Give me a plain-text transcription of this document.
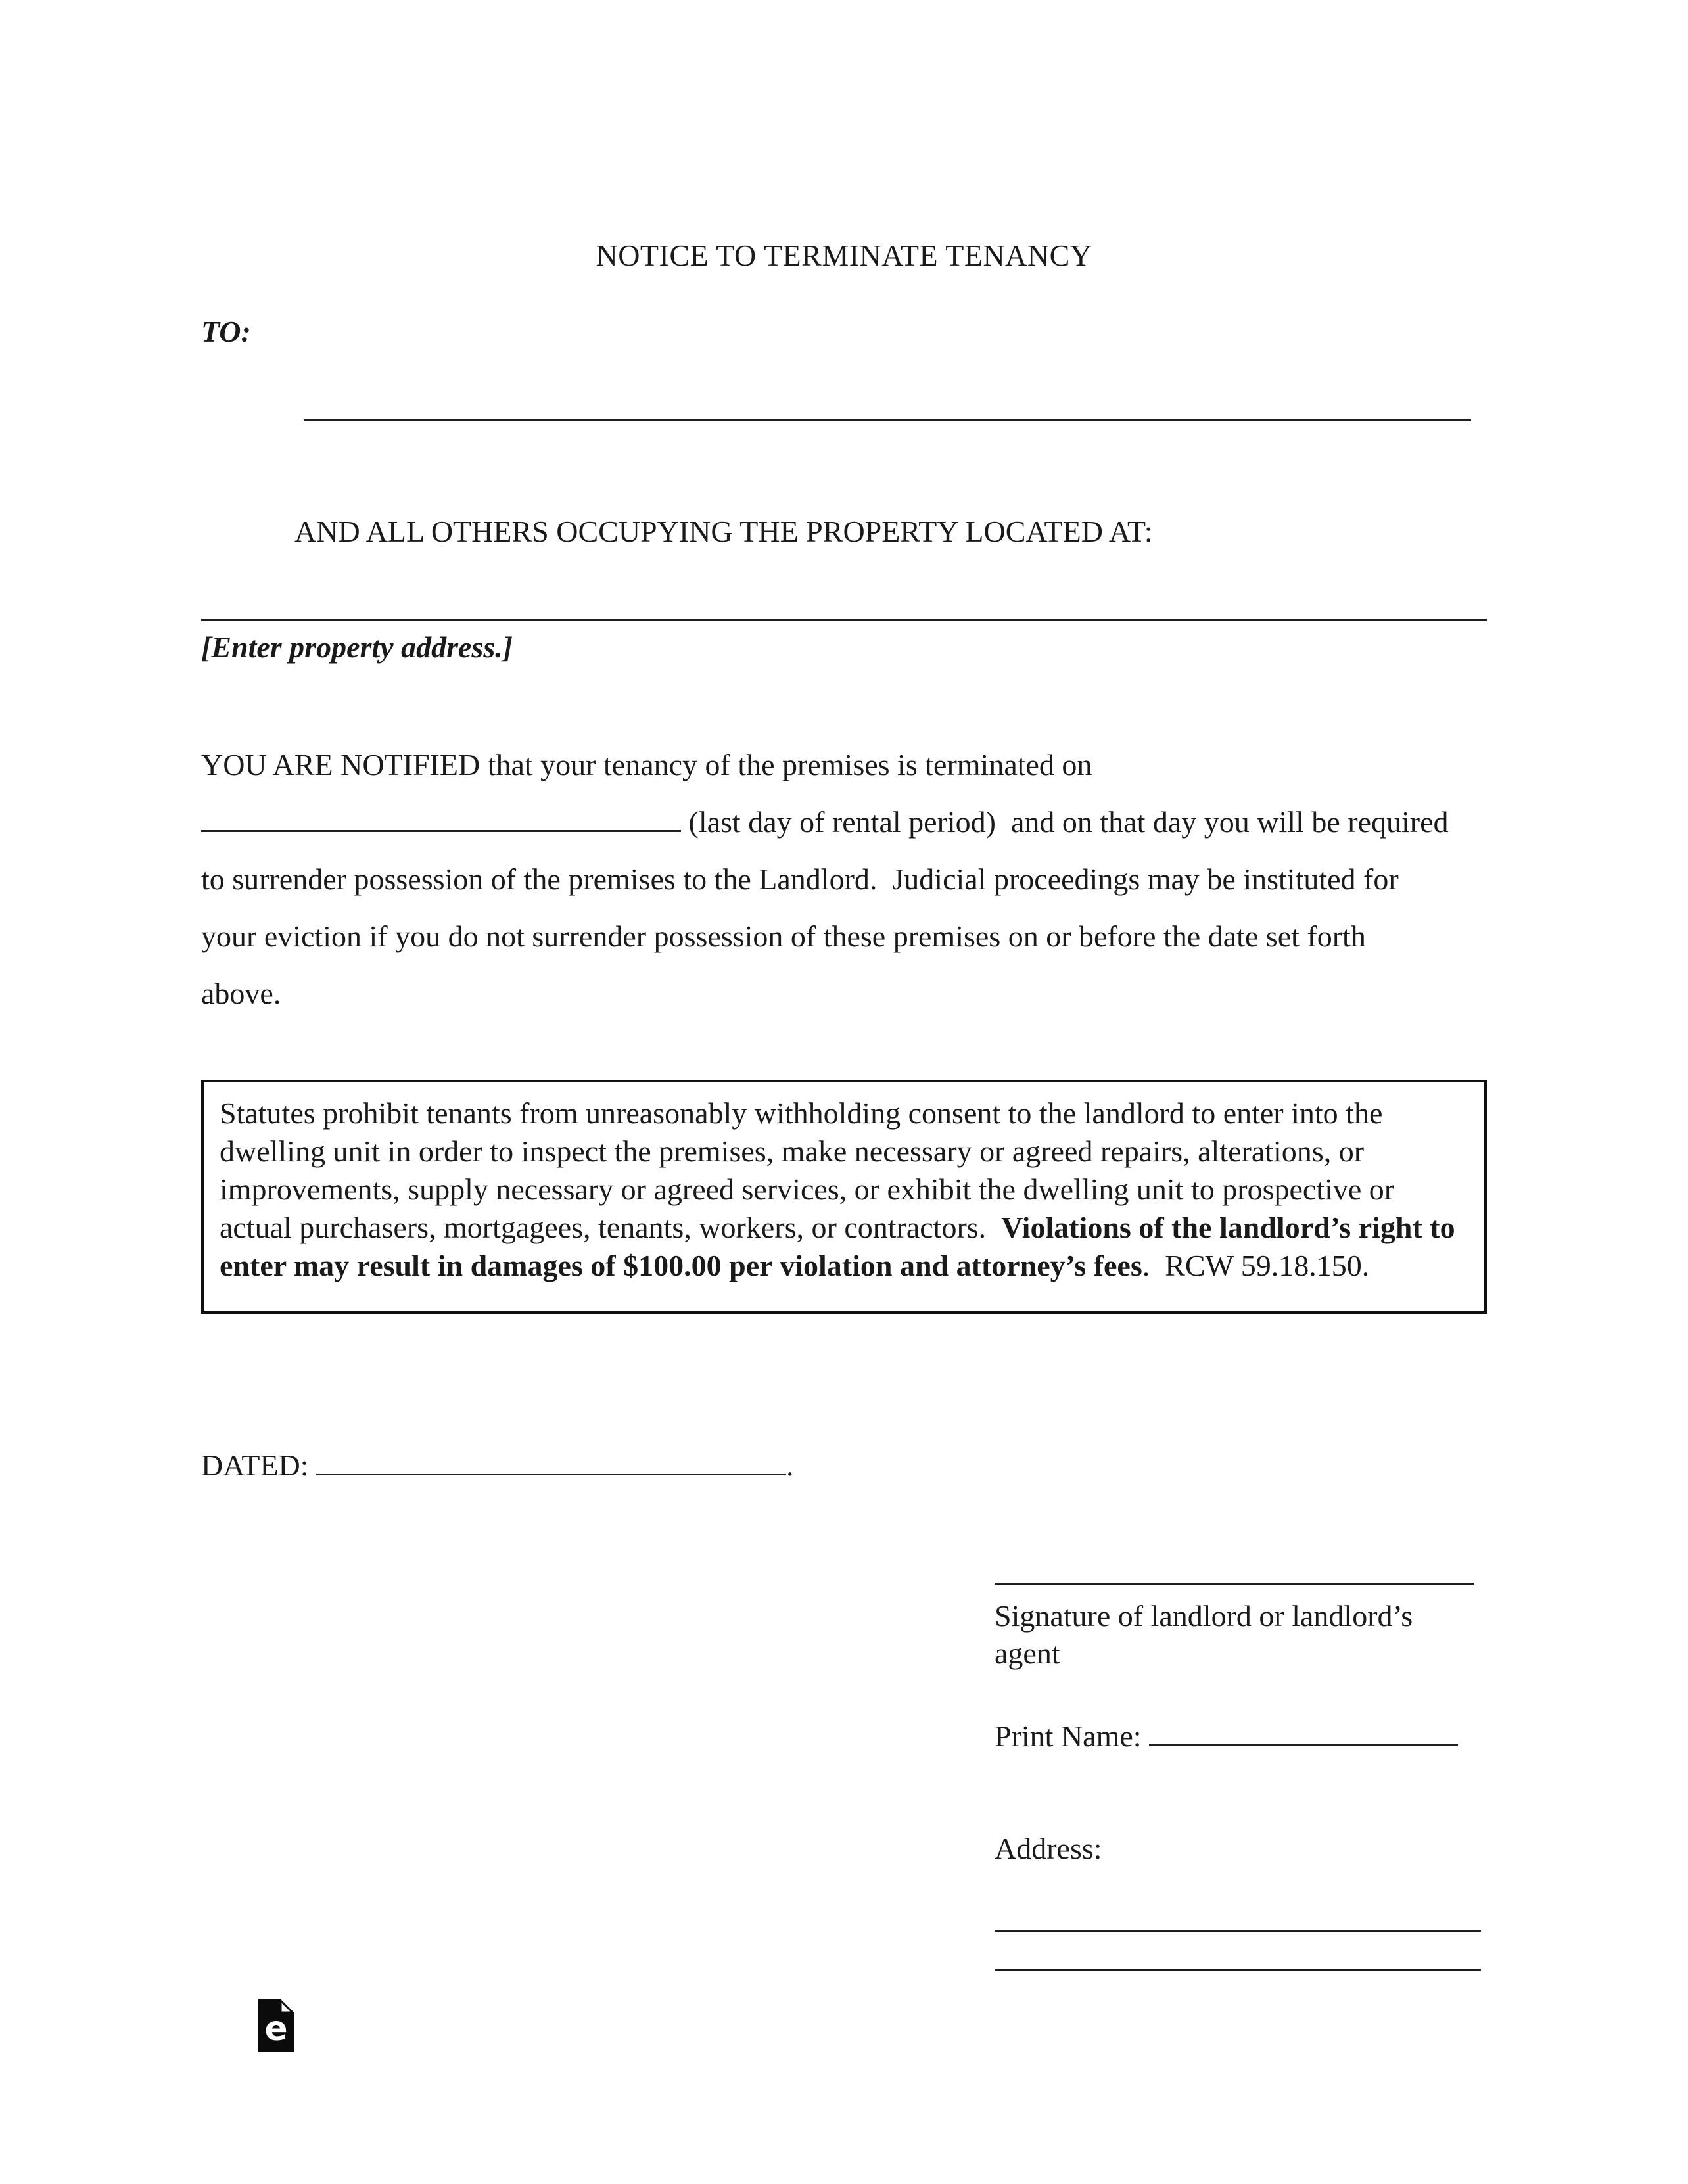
NOTICE TO TERMINATE TENANCY
TO:
AND ALL OTHERS OCCUPYING THE PROPERTY LOCATED AT:
[Enter property address.]

YOU ARE NOTIFIED that your tenancy of the premises is terminated on  (last day of rental period)  and on that day you will be required to surrender possession of the premises to the Landlord.  Judicial proceedings may be instituted for your eviction if you do not surrender possession of these premises on or before the date set forth above.

Statutes prohibit tenants from unreasonably withholding consent to the landlord to enter into the dwelling unit in order to inspect the premises, make necessary or agreed repairs, alterations, or improvements, supply necessary or agreed services, or exhibit the dwelling unit to prospective or actual purchasers, mortgagees, tenants, workers, or contractors.  Violations of the landlord’s right to enter may result in damages of $100.00 per violation and attorney’s fees.  RCW 59.18.150.
DATED:	.
Signature of landlord or landlord’s agent
Print Name:
Address:
e
